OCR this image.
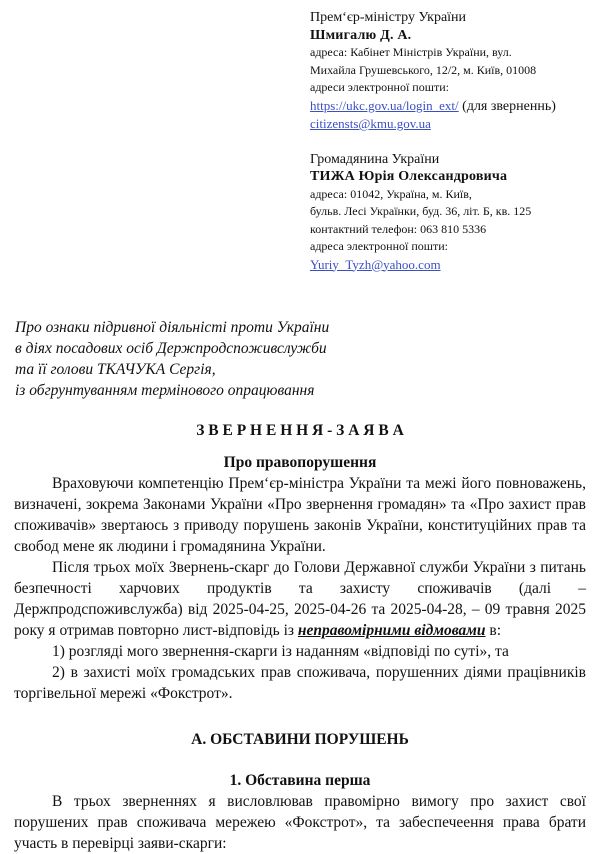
Прем‘єр-міністру України
Шмигалю Д. А.
адреса: Кабінет Міністрів України, вул.
Михайла Грушевського, 12/2, м. Київ, 01008
адреси электронної пошти:
https://ukc.gov.ua/login_ext/ (для зверненнь)
citizensts@kmu.gov.ua
Громадянина України
ТИЖА Юрія Олександровича
адреса: 01042, Україна, м. Київ,
бульв. Лесі Українки, буд. 36, літ. Б, кв. 125
контактний телефон: 063 810 5336
адреса электронної пошти:
Yuriy_Tyzh@yahoo.com
Про ознаки підривної діяльністі проти України
в діях посадових осіб Держпродспоживслужби
та її голови ТКАЧУКА Сергія,
із обгрунтуванням термінового опрацювання
З В Е Р Н Е Н Н Я - З А Я В А
Про правопорушення

Враховуючи компетенцію Прем‘єр-міністра України та межі його повноважень, визначені, зокрема Законами України «Про звернення громадян» та «Про захист прав споживачів» звертаюсь з приводу порушень законів України, конституційних прав та свобод мене як людини і громадянина України.

Після трьох моїх Звернень-скарг до Голови Державної служби України з питань безпечності харчових продуктів та захисту споживачів (далі – Держпродспоживслужба) від 2025-04-25, 2025-04-26 та 2025-04-28, – 09 травня 2025 року я отримав повторно лист-відповідь із неправомірними відмовами в:

1) розгляді мого звернення-скарги із наданням «відповіді по суті», та

2) в захисті моїх громадських прав споживача, порушенних діями працівників торгівельної мережі «Фокстрот».

А. ОБСТАВИНИ ПОРУШЕНЬ
1. Обставина перша

В трьох зверненнях я висловлював правомірно вимогу про захист свої порушених прав споживача мережею «Фокстрот», та забеспечеення права брати участь в перевірці заяви-скарги:
